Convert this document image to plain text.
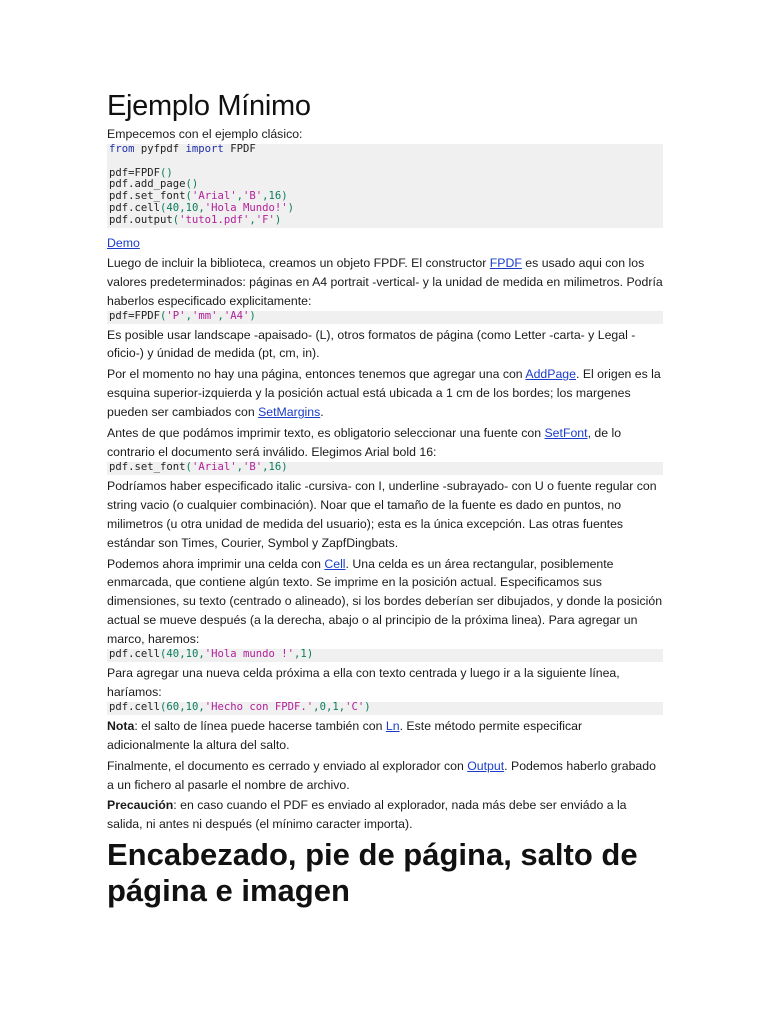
Ejemplo Mínimo

Empecemos con el ejemplo clásico:

from pyfpdf import FPDF

pdf=FPDF()
pdf.add_page()
pdf.set_font('Arial','B',16)
pdf.cell(40,10,'Hola Mundo!')
pdf.output('tuto1.pdf','F')

Demo

Luego de incluir la biblioteca, creamos un objeto FPDF. El constructor FPDF es usado aqui con los valores predeterminados: páginas en A4 portrait -vertical- y la unidad de medida en milimetros. Podría haberlos especificado explicitamente:

pdf=FPDF('P','mm','A4')

Es posible usar landscape -apaisado- (L), otros formatos de página (como Letter -carta- y Legal -oficio-) y únidad de medida (pt, cm, in).

Por el momento no hay una página, entonces tenemos que agregar una con AddPage. El origen es la esquina superior-izquierda y la posición actual está ubicada a 1 cm de los bordes; los margenes pueden ser cambiados con SetMargins.

Antes de que podámos imprimir texto, es obligatorio seleccionar una fuente con SetFont, de lo contrario el documento será inválido. Elegimos Arial bold 16:

pdf.set_font('Arial','B',16)

Podríamos haber especificado italic -cursiva- con I, underline -subrayado- con U o fuente regular con string vacio (o cualquier combinación). Noar que el tamaño de la fuente es dado en puntos, no milimetros (u otra unidad de medida del usuario); esta es la única excepción. Las otras fuentes estándar son Times, Courier, Symbol y ZapfDingbats.

Podemos ahora imprimir una celda con Cell. Una celda es un área rectangular, posiblemente enmarcada, que contiene algún texto. Se imprime en la posición actual. Especificamos sus dimensiones, su texto (centrado o alineado), si los bordes deberían ser dibujados, y donde la posición actual se mueve después (a la derecha, abajo o al principio de la próxima linea). Para agregar un marco, haremos:

pdf.cell(40,10,'Hola mundo !',1)

Para agregar una nueva celda próxima a ella con texto centrada y luego ir a la siguiente línea, haríamos:

pdf.cell(60,10,'Hecho con FPDF.',0,1,'C')

Nota: el salto de línea puede hacerse también con Ln. Este método permite especificar adicionalmente la altura del salto.

Finalmente, el documento es cerrado y enviado al explorador con Output. Podemos haberlo grabado a un fichero al pasarle el nombre de archivo.

Precaución: en caso cuando el PDF es enviado al explorador, nada más debe ser enviádo a la salida, ni antes ni después (el mínimo caracter importa).

Encabezado, pie de página, salto de página e imagen
